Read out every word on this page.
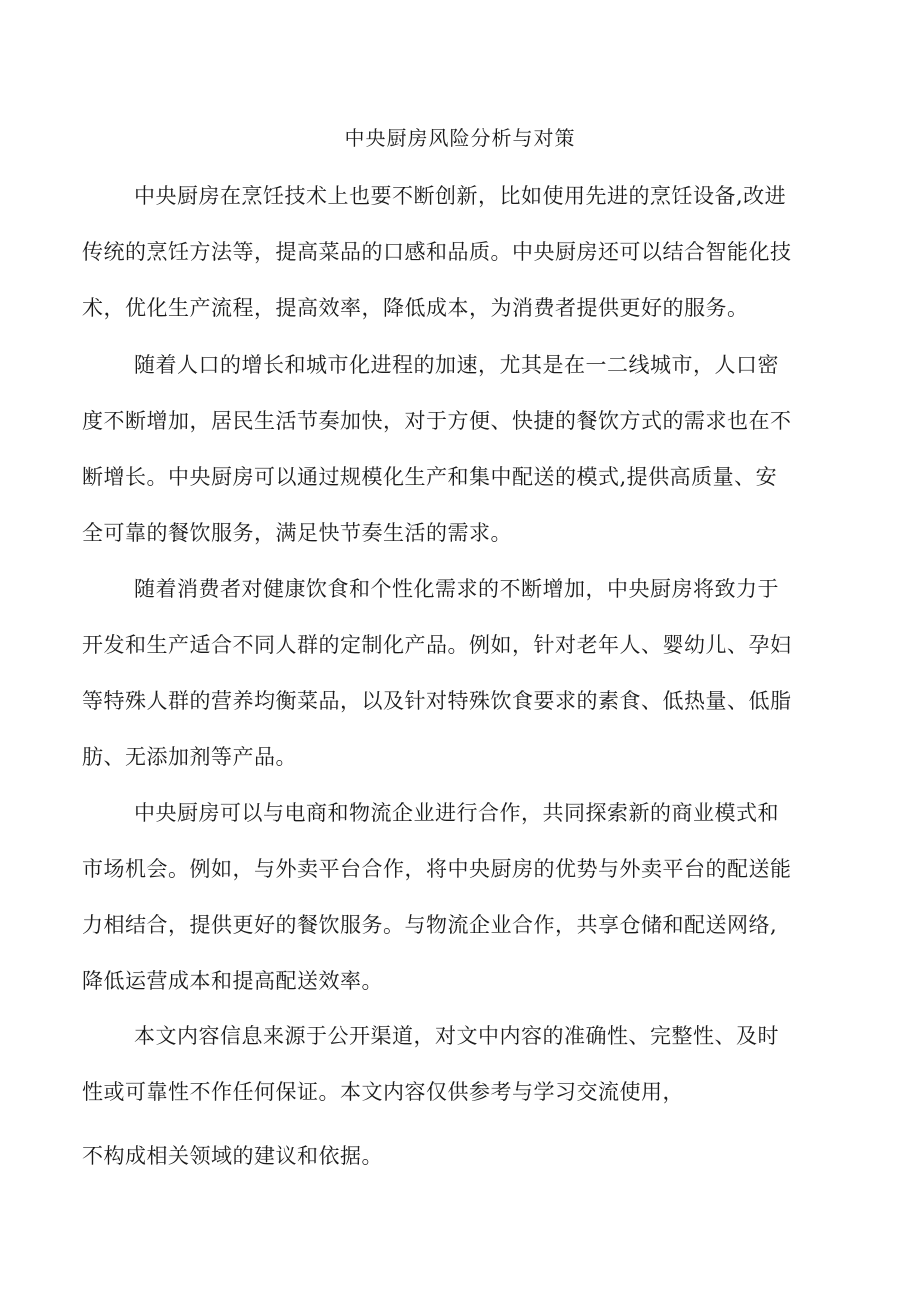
中央厨房风险分析与对策
中央厨房在烹饪技术上也要不断创新，比如使用先进的烹饪设备,改进
传统的烹饪方法等，提高菜品的口感和品质。中央厨房还可以结合智能化技
术，优化生产流程，提高效率，降低成本，为消费者提供更好的服务。
随着人口的增长和城市化进程的加速，尤其是在一二线城市，人口密
度不断增加，居民生活节奏加快，对于方便、快捷的餐饮方式的需求也在不
断增长。中央厨房可以通过规模化生产和集中配送的模式,提供高质量、安
全可靠的餐饮服务，满足快节奏生活的需求。
随着消费者对健康饮食和个性化需求的不断增加，中央厨房将致力于
开发和生产适合不同人群的定制化产品。例如，针对老年人、婴幼儿、孕妇
等特殊人群的营养均衡菜品，以及针对特殊饮食要求的素食、低热量、低脂
肪、无添加剂等产品。
中央厨房可以与电商和物流企业进行合作，共同探索新的商业模式和
市场机会。例如，与外卖平台合作，将中央厨房的优势与外卖平台的配送能
力相结合，提供更好的餐饮服务。与物流企业合作，共享仓储和配送网络,
降低运营成本和提高配送效率。
本文内容信息来源于公开渠道，对文中内容的准确性、完整性、及时
性或可靠性不作任何保证。本文内容仅供参考与学习交流使用，
不构成相关领域的建议和依据。
